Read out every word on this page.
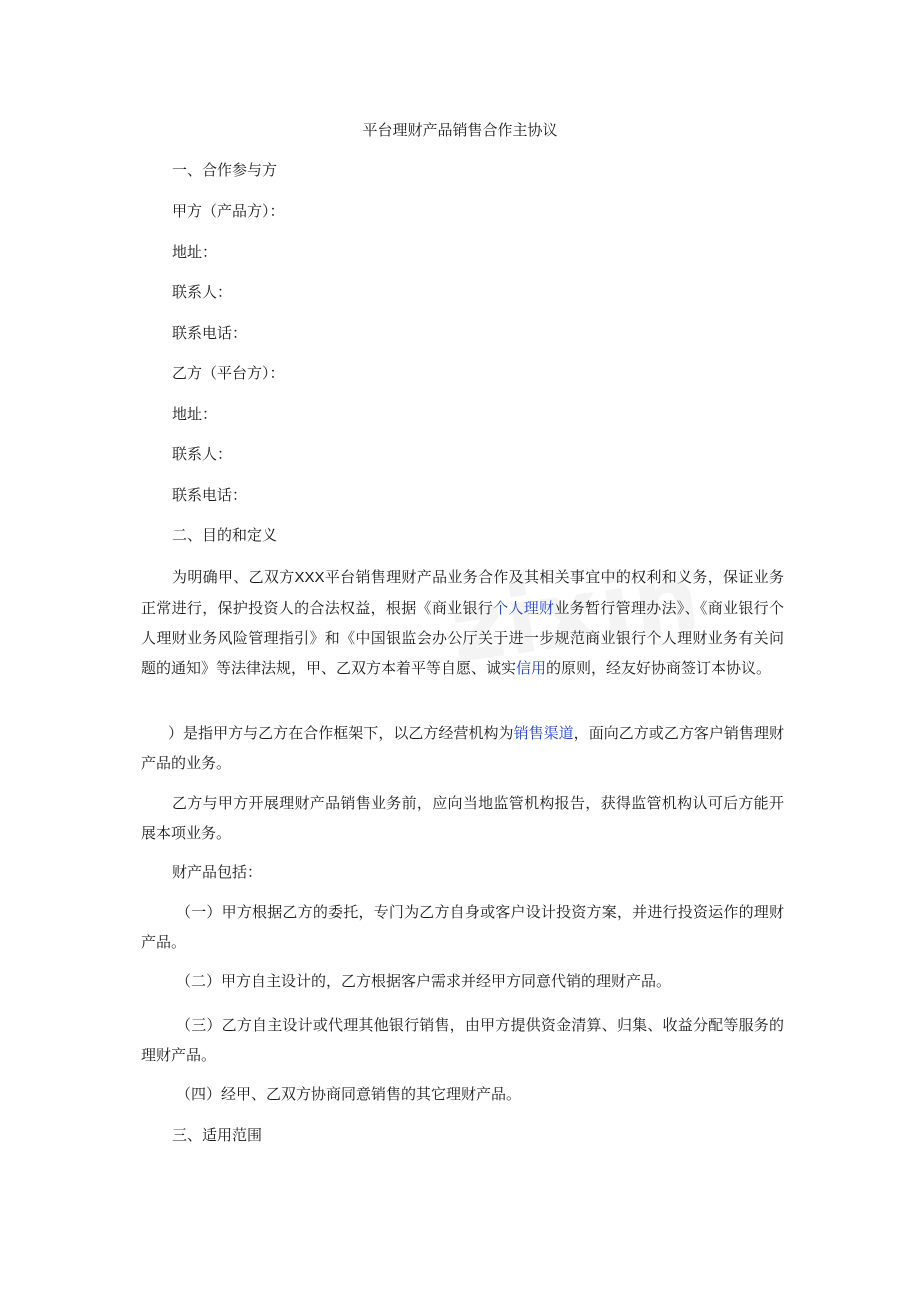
平台理财产品销售合作主协议
一、合作参与方
甲方（产品方）：
地址：
联系人：
联系电话：
乙方（平台方）：
地址：
联系人：
联系电话：
二、目的和定义
为明确甲、乙双方XXX平台销售理财产品业务合作及其相关事宜中的权利和义务，保证业务正常进行，保护投资人的合法权益，根据《商业银行个人理财业务暂行管理办法》、《商业银行个人理财业务风险管理指引》和《中国银监会办公厅关于进一步规范商业银行个人理财业务有关问题的通知》等法律法规，甲、乙双方本着平等自愿、诚实信用的原则，经友好协商签订本协议。
）是指甲方与乙方在合作框架下，以乙方经营机构为销售渠道，面向乙方或乙方客户销售理财产品的业务。
乙方与甲方开展理财产品销售业务前，应向当地监管机构报告，获得监管机构认可后方能开展本项业务。
财产品包括：
（一）甲方根据乙方的委托，专门为乙方自身或客户设计投资方案，并进行投资运作的理财产品。
（二）甲方自主设计的，乙方根据客户需求并经甲方同意代销的理财产品。
（三）乙方自主设计或代理其他银行销售，由甲方提供资金清算、归集、收益分配等服务的理财产品。
（四）经甲、乙双方协商同意销售的其它理财产品。
三、适用范围
